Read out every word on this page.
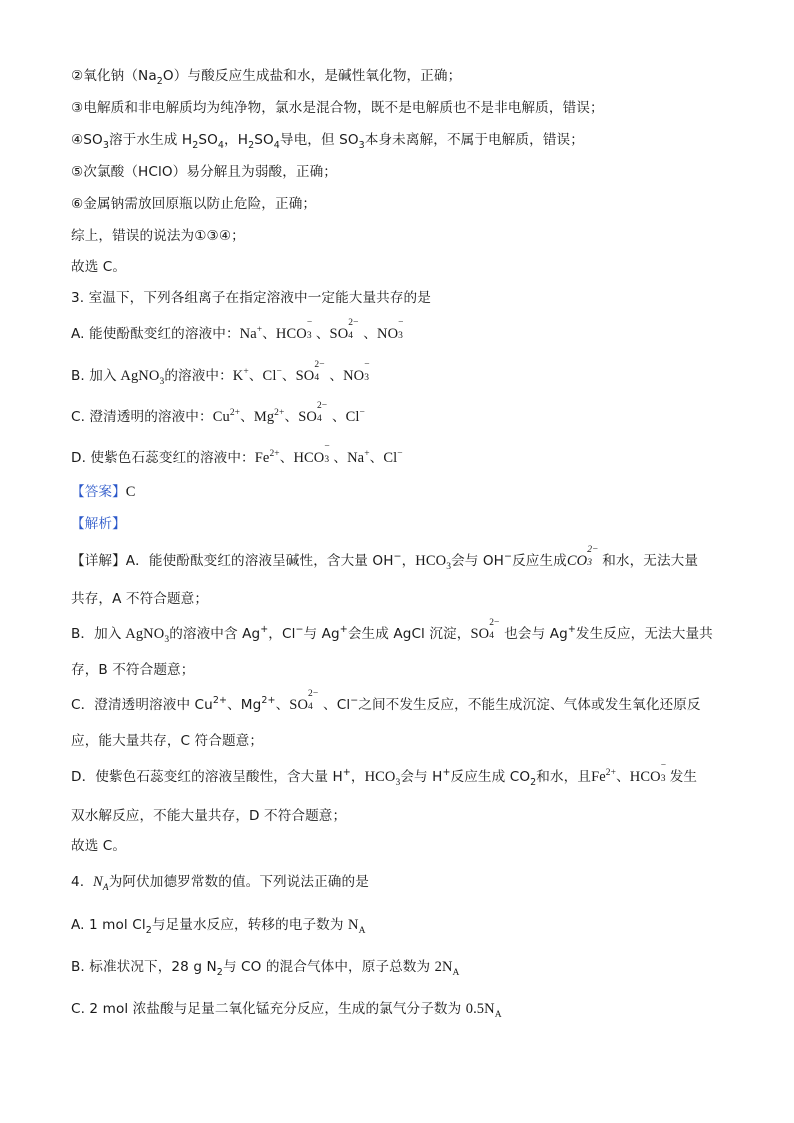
②氧化钠$(Na_2O)$与酸反应生成盐和水，是碱性氧化物，正确；
③电解质和非电解质均为纯净物，氯水是混合物，既不是电解质也不是非电解质，错误；
$④SO_3$溶于水生成 $H_2SO_4$，$H_2SO_4$导电，但 $SO_3$本身未离解，不属于电解质，错误；
⑤次氯酸（HClO）易分解且为弱酸，正确；
⑥金属钠需放回原瓶以防止危险，正确；
综上，错误的说法为①③④；
故选 C。
3. 室温下，下列各组离子在指定溶液中一定能大量共存的是
A. 能使酚酞变红的溶液中：Na+、HCO
−
3 、SO
2−
4 、NO
−
3
B. 加入 AgNO$_3$的溶液中：K+、Cl−、SO
2−
4 、NO
−
3
C. 澄清透明的溶液中：$Cu^{2+}$、$Mg^{2+}$、SO
2−
4 、Cl−
D. 使紫色石蕊变红的溶液中：$Fe^{2+}$、HCO
−
3 、Na+、Cl−
【答案】C
【解析】
【详解】A．能使酚酞变红的溶液呈碱性，含大量 OH−，$HCO_3$会与 OH−反应生成CO
2−
3 和水，无法大量
共存，A 不符合题意；
B．加入 AgNO$_3$的溶液中含 Ag+，Cl−与 Ag+会生成 AgCl 沉淀，SO
2−
4 也会与 Ag+发生反应，无法大量共
存，B 不符合题意；
C．澄清透明溶液中 $Cu^{2+}$、$Mg^{2+}$、SO
2−
4 、Cl−之间不发生反应，不能生成沉淀、气体或发生氧化还原反
应，能大量共存，C 符合题意；
D．使紫色石蕊变红的溶液呈酸性，含大量 H+，$HCO_3$会与 H+反应生成 $CO_2$和水，且$Fe^{2+}$、HCO
−
3 发生
双水解反应，不能大量共存，D 不符合题意；
故选 C。
4. $N_A$为阿伏加德罗常数的值。下列说法正确的是
A. 1 mol $Cl_2$与足量水反应，转移的电子数为 $N_A$
B. 标准状况下，28 g $N_2$与 CO 的混合气体中，原子总数为 $2N_A$
C. 2 mol 浓盐酸与足量二氧化锰充分反应，生成的氯气分子数为 $0.5N_A$
